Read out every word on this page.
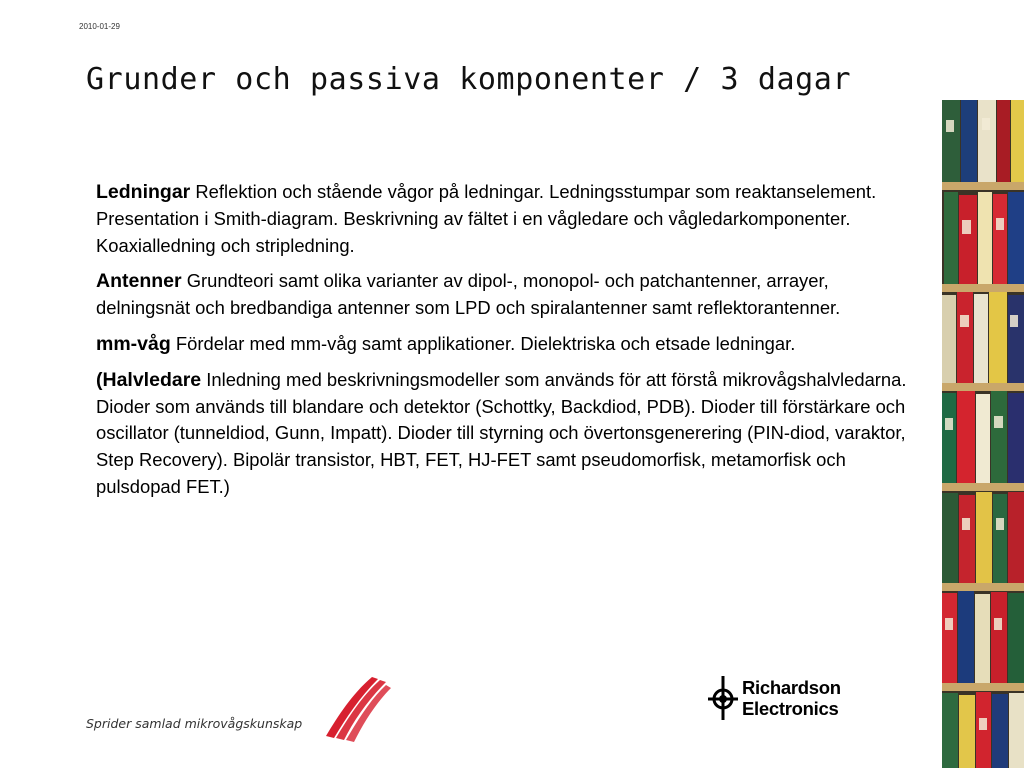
2010-01-29
Grunder och passiva komponenter / 3 dagar

Ledningar Reflektion och stående vågor på ledningar. Ledningsstumpar som reaktanselement. Presentation i Smith-diagram. Beskrivning av fältet i en vågledare och vågledarkomponenter. Koaxialledning och stripledning.

Antenner Grundteori samt olika varianter av dipol-, monopol- och patchantenner, arrayer, delningsnät och bredbandiga antenner som LPD och spiralantenner samt reflektorantenner.

mm-våg Fördelar med mm-våg samt applikationer. Dielektriska och etsade ledningar.

(Halvledare Inledning med beskrivningsmodeller som används för att förstå mikrovågshalvledarna. Dioder som används till blandare och detektor (Schottky, Backdiod, PDB). Dioder till förstärkare och oscillator (tunneldiod, Gunn, Impatt). Dioder till styrning och övertonsgenerering (PIN-diod, varaktor, Step Recovery). Bipolär transistor, HBT, FET, HJ-FET samt pseudomorfisk, metamorfisk och pulsdopad FET.)

Sprider samlad mikrovågskunskap
Richardson
Electronics
